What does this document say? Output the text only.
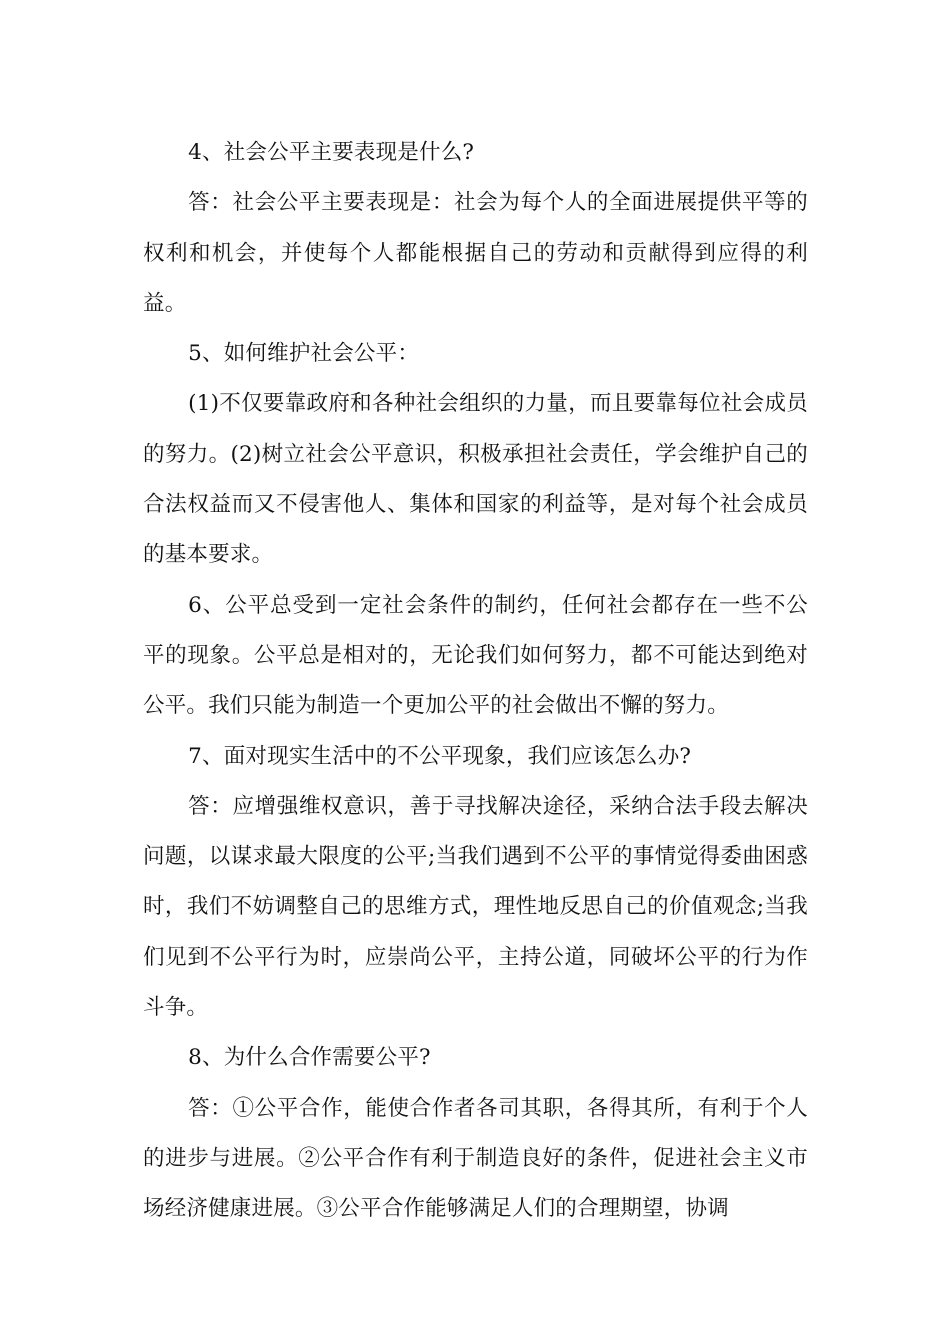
4、社会公平主要表现是什么?

答：社会公平主要表现是：社会为每个人的全面进展提供平等的权利和机会，并使每个人都能根据自己的劳动和贡献得到应得的利益。

5、如何维护社会公平：

(1)不仅要靠政府和各种社会组织的力量，而且要靠每位社会成员的努力。(2)树立社会公平意识，积极承担社会责任，学会维护自己的合法权益而又不侵害他人、集体和国家的利益等，是对每个社会成员的基本要求。

6、公平总受到一定社会条件的制约，任何社会都存在一些不公平的现象。公平总是相对的，无论我们如何努力，都不可能达到绝对公平。我们只能为制造一个更加公平的社会做出不懈的努力。

7、面对现实生活中的不公平现象，我们应该怎么办?

答：应增强维权意识，善于寻找解决途径，采纳合法手段去解决问题，以谋求最大限度的公平;当我们遇到不公平的事情觉得委曲困惑时，我们不妨调整自己的思维方式，理性地反思自己的价值观念;当我们见到不公平行为时，应崇尚公平，主持公道，同破坏公平的行为作斗争。

8、为什么合作需要公平?

答：①公平合作，能使合作者各司其职，各得其所，有利于个人的进步与进展。②公平合作有利于制造良好的条件，促进社会主义市场经济健康进展。③公平合作能够满足人们的合理期望，协调
